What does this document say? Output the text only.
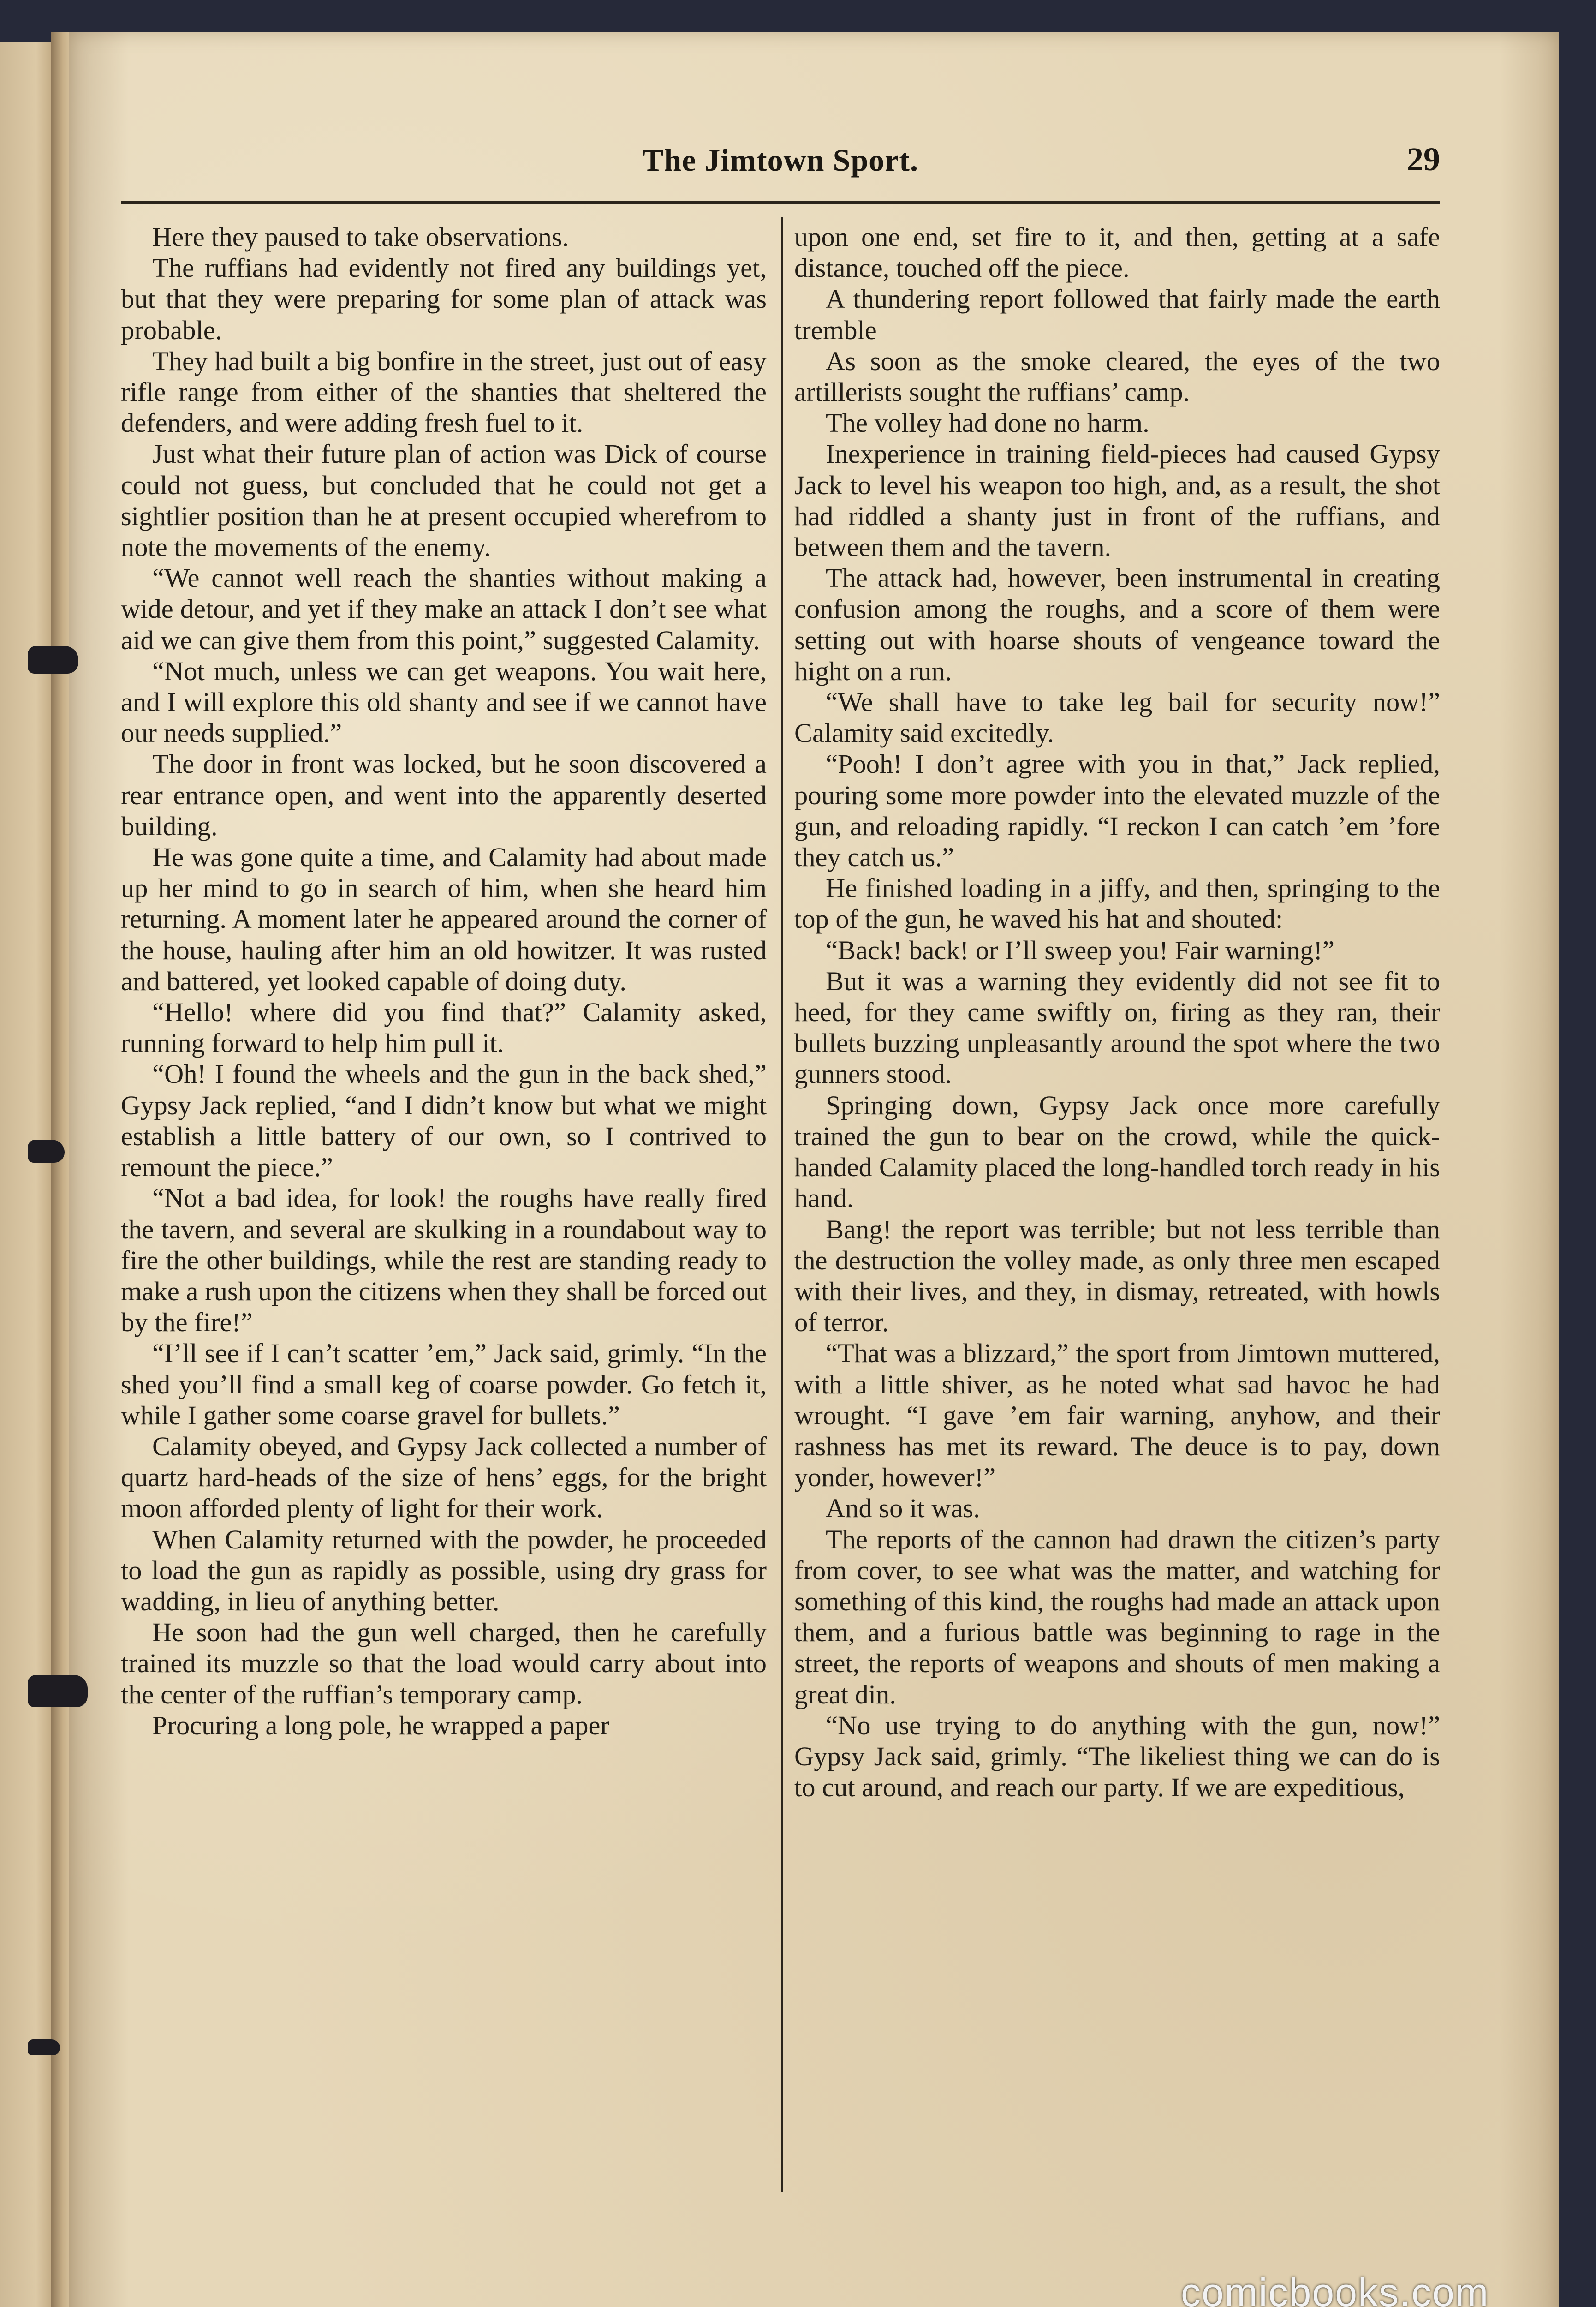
The Jimtown Sport.	29

Here they paused to take observations.

The ruffians had evidently not fired any buildings yet, but that they were preparing for some plan of attack was probable.

They had built a big bonfire in the street, just out of easy rifle range from either of the shanties that sheltered the defenders, and were adding fresh fuel to it.

Just what their future plan of action was Dick of course could not guess, but concluded that he could not get a sightlier position than he at present occupied wherefrom to note the movements of the enemy.

“We cannot well reach the shanties without making a wide detour, and yet if they make an attack I don’t see what aid we can give them from this point,” suggested Calamity.

“Not much, unless we can get weapons. You wait here, and I will explore this old shanty and see if we cannot have our needs supplied.”

The door in front was locked, but he soon discovered a rear entrance open, and went into the apparently deserted building.

He was gone quite a time, and Calamity had about made up her mind to go in search of him, when she heard him returning. A moment later he appeared around the corner of the house, hauling after him an old howitzer. It was rusted and battered, yet looked capable of doing duty.

“Hello! where did you find that?” Calamity asked, running forward to help him pull it.

“Oh! I found the wheels and the gun in the back shed,” Gypsy Jack replied, “and I didn’t know but what we might establish a little battery of our own, so I contrived to remount the piece.”

“Not a bad idea, for look! the roughs have really fired the tavern, and several are skulking in a roundabout way to fire the other buildings, while the rest are standing ready to make a rush upon the citizens when they shall be forced out by the fire!”

“I’ll see if I can’t scatter ’em,” Jack said, grimly. “In the shed you’ll find a small keg of coarse powder. Go fetch it, while I gather some coarse gravel for bullets.”

Calamity obeyed, and Gypsy Jack collected a number of quartz hard-heads of the size of hens’ eggs, for the bright moon afforded plenty of light for their work.

When Calamity returned with the powder, he proceeded to load the gun as rapidly as possible, using dry grass for wadding, in lieu of anything better.

He soon had the gun well charged, then he carefully trained its muzzle so that the load would carry about into the center of the ruffian’s temporary camp.

Procuring a long pole, he wrapped a paper

upon one end, set fire to it, and then, getting at a safe distance, touched off the piece.

A thundering report followed that fairly made the earth tremble

As soon as the smoke cleared, the eyes of the two artillerists sought the ruffians’ camp.

The volley had done no harm.

Inexperience in training field-pieces had caused Gypsy Jack to level his weapon too high, and, as a result, the shot had riddled a shanty just in front of the ruffians, and between them and the tavern.

The attack had, however, been instrumental in creating confusion among the roughs, and a score of them were setting out with hoarse shouts of vengeance toward the hight on a run.

“We shall have to take leg bail for security now!” Calamity said excitedly.

“Pooh! I don’t agree with you in that,” Jack replied, pouring some more powder into the elevated muzzle of the gun, and reloading rapidly. “I reckon I can catch ’em ’fore they catch us.”

He finished loading in a jiffy, and then, springing to the top of the gun, he waved his hat and shouted:

“Back! back! or I’ll sweep you! Fair warning!”

But it was a warning they evidently did not see fit to heed, for they came swiftly on, firing as they ran, their bullets buzzing unpleasantly around the spot where the two gunners stood.

Springing down, Gypsy Jack once more carefully trained the gun to bear on the crowd, while the quick-handed Calamity placed the long-handled torch ready in his hand.

Bang! the report was terrible; but not less terrible than the destruction the volley made, as only three men escaped with their lives, and they, in dismay, retreated, with howls of terror.

“That was a blizzard,” the sport from Jimtown muttered, with a little shiver, as he noted what sad havoc he had wrought. “I gave ’em fair warning, anyhow, and their rashness has met its reward. The deuce is to pay, down yonder, however!”

And so it was.

The reports of the cannon had drawn the citizen’s party from cover, to see what was the matter, and watching for something of this kind, the roughs had made an attack upon them, and a furious battle was beginning to rage in the street, the reports of weapons and shouts of men making a great din.

“No use trying to do anything with the gun, now!” Gypsy Jack said, grimly. “The likeliest thing we can do is to cut around, and reach our party. If we are expeditious,

comicbooks.com
